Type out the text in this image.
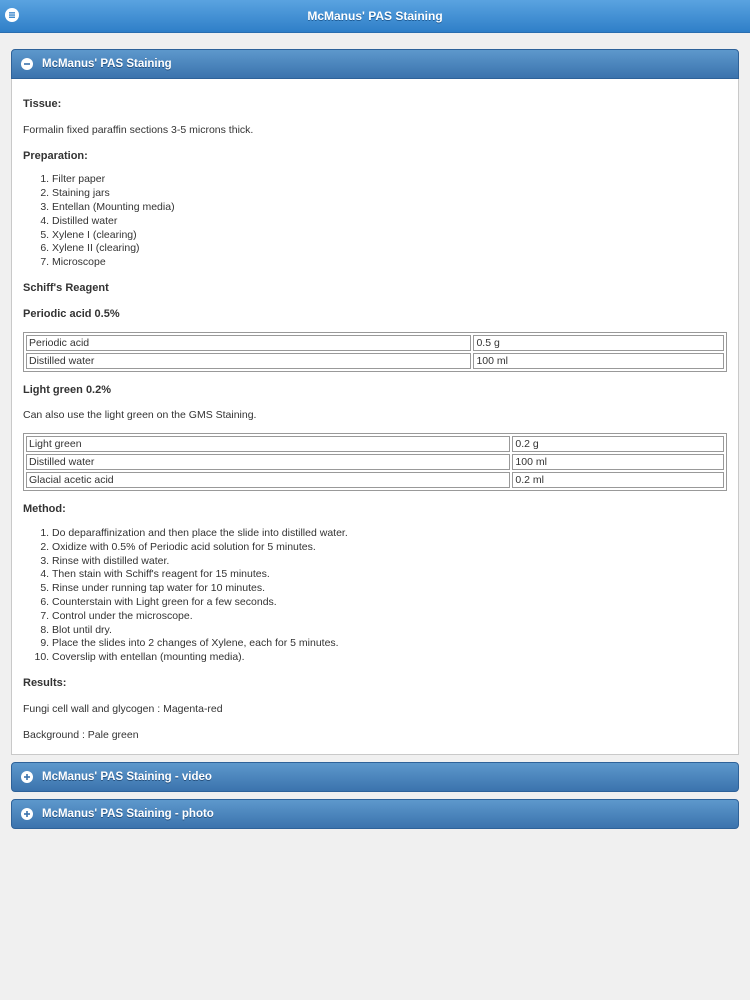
McManus' PAS Staining
McManus' PAS Staining
Tissue:

Formalin fixed paraffin sections 3-5 microns thick.

Preparation:
1. Filter paper
2. Staining jars
3. Entellan (Mounting media)
4. Distilled water
5. Xylene I (clearing)
6. Xylene II (clearing)
7. Microscope
Schiff's Reagent
Periodic acid 0.5%
Periodic acid	0.5 g
Distilled water	100 ml
Light green 0.2%

Can also use the light green on the GMS Staining.

Light green	0.2 g
Distilled water	100 ml
Glacial acetic acid	0.2 ml
Method:
1. Do deparaffinization and then place the slide into distilled water.
2. Oxidize with 0.5% of Periodic acid solution for 5 minutes.
3. Rinse with distilled water.
4. Then stain with Schiff's reagent for 15 minutes.
5. Rinse under running tap water for 10 minutes.
6. Counterstain with Light green for a few seconds.
7. Control under the microscope.
8. Blot until dry.
9. Place the slides into 2 changes of Xylene, each for 5 minutes.
10. Coverslip with entellan (mounting media).
Results:

Fungi cell wall and glycogen : Magenta-red

Background : Pale green

McManus' PAS Staining - video
McManus' PAS Staining - photo
